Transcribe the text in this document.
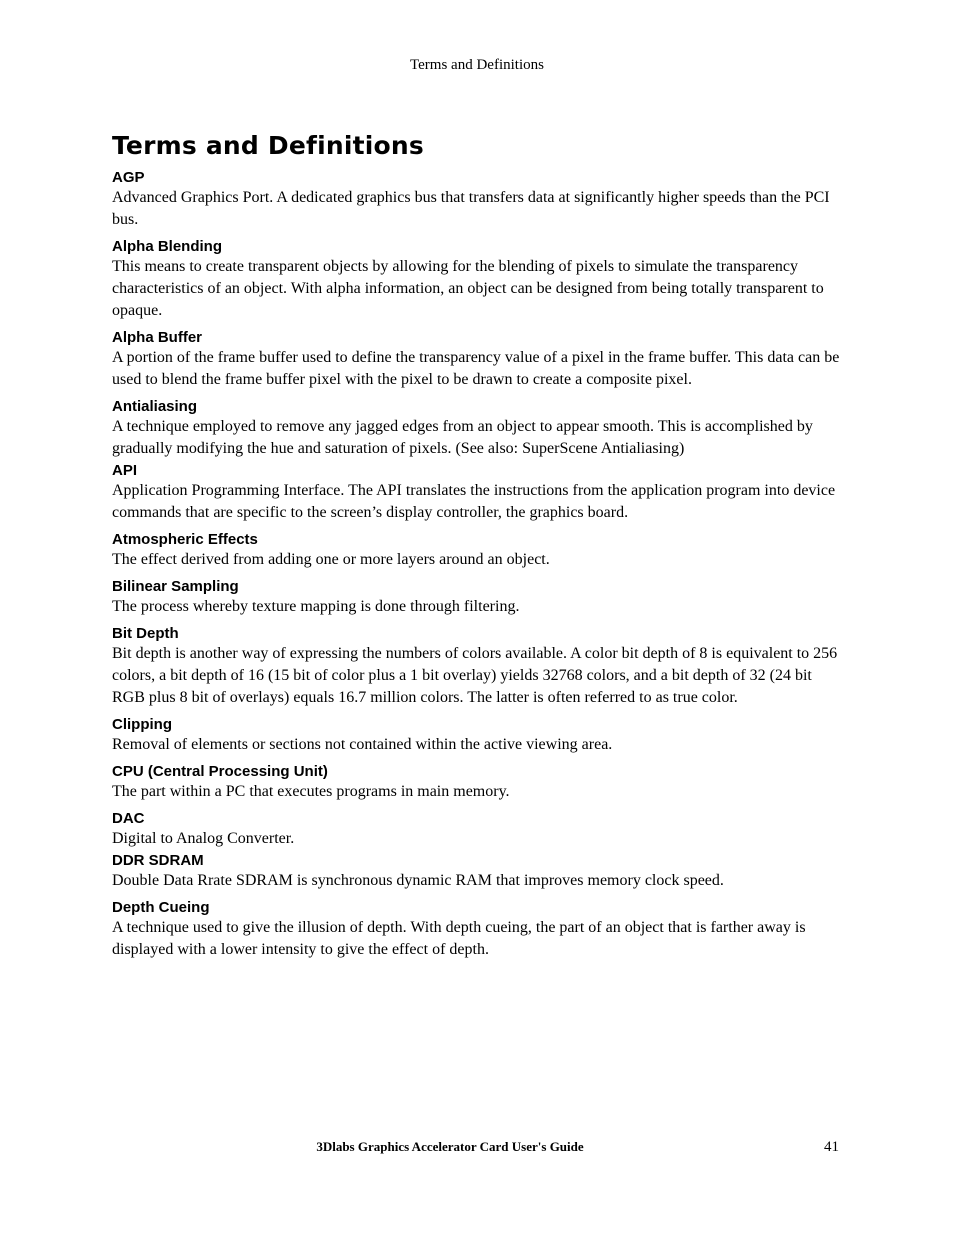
Terms and Definitions
Terms and Definitions
AGP

Advanced Graphics Port. A dedicated graphics bus that transfers data at significantly higher speeds than the PCI bus.

Alpha Blending

This means to create transparent objects by allowing for the blending of pixels to simulate the transparency characteristics of an object. With alpha information, an object can be designed from being totally transparent to opaque.

Alpha Buffer

A portion of the frame buffer used to define the transparency value of a pixel in the frame buffer. This data can be used to blend the frame buffer pixel with the pixel to be drawn to create a composite pixel.

Antialiasing

A technique employed to remove any jagged edges from an object to appear smooth. This is accomplished by gradually modifying the hue and saturation of pixels. (See also: SuperScene Antialiasing)

API

Application Programming Interface. The API translates the instructions from the application program into device commands that are specific to the screen’s display controller, the graphics board.

Atmospheric Effects

The effect derived from adding one or more layers around an object.

Bilinear Sampling

The process whereby texture mapping is done through filtering.

Bit Depth

Bit depth is another way of expressing the numbers of colors available. A color bit depth of 8 is equivalent to 256 colors, a bit depth of 16 (15 bit of color plus a 1 bit overlay) yields 32768 colors, and a bit depth of 32 (24 bit RGB plus 8 bit of overlays) equals 16.7 million colors. The latter is often referred to as true color.

Clipping

Removal of elements or sections not contained within the active viewing area.

CPU (Central Processing Unit)

The part within a PC that executes programs in main memory.

DAC

Digital to Analog Converter.

DDR SDRAM

Double Data Rrate SDRAM is synchronous dynamic RAM that improves memory clock speed.

Depth Cueing

A technique used to give the illusion of depth. With depth cueing, the part of an object that is farther away is displayed with a lower intensity to give the effect of depth.

3Dlabs Graphics Accelerator Card User's Guide	41
